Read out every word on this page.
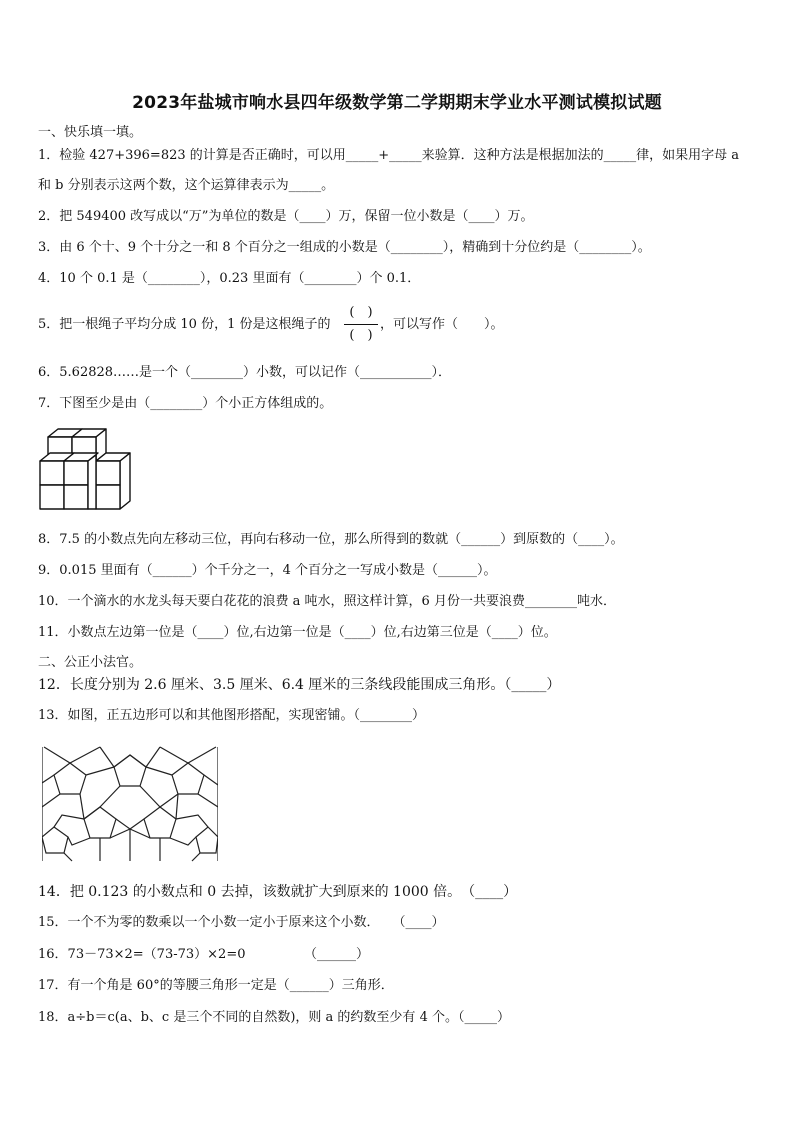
2023年盐城市响水县四年级数学第二学期期末学业水平测试模拟试题
一、快乐填一填。
1．检验 427+396=823 的计算是否正确时，可以用_____+_____来验算．这种方法是根据加法的_____律，如果用字母 a
和 b 分别表示这两个数，这个运算律表示为_____。
2．把 549400 改写成以“万”为单位的数是（____）万，保留一位小数是（____）万。
3．由 6 个十、9 个十分之一和 8 个百分之一组成的小数是（________），精确到十分位约是（________）。
4．10 个 0.1 是（________），0.23 里面有（________）个 0.1．
5．把一根绳子平均分成 10 份，1 份是这根绳子的
(　)
(　)
，可以写作（　　）。
6．5.62828……是一个（________）小数，可以记作（___________）．
7．下图至少是由（________）个小正方体组成的。
8．7.5 的小数点先向左移动三位，再向右移动一位，那么所得到的数就（______）到原数的（____）。
9．0.015 里面有（______）个千分之一，4 个百分之一写成小数是（______）。
10．一个滴水的水龙头每天要白花花的浪费 a 吨水，照这样计算，6 月份一共要浪费________吨水．
11．小数点左边第一位是（____）位,右边第一位是（____）位,右边第三位是（____）位。
二、公正小法官。
12．长度分别为 2.6 厘米、3.5 厘米、6.4 厘米的三条线段能围成三角形。（_____）
13．如图，正五边形可以和其他图形搭配，实现密铺。（________）
14．把 0.123 的小数点和 0 去掉，该数就扩大到原来的 1000 倍。　（____）
15．一个不为零的数乘以一个小数一定小于原来这个小数．　　（____）
16．73－73×2=（73-73）×2=0　　　　　（______）
17．有一个角是 60°的等腰三角形一定是（______）三角形．
18．a÷b＝c(a、b、c 是三个不同的自然数)，则 a 的约数至少有 4 个。（_____）
